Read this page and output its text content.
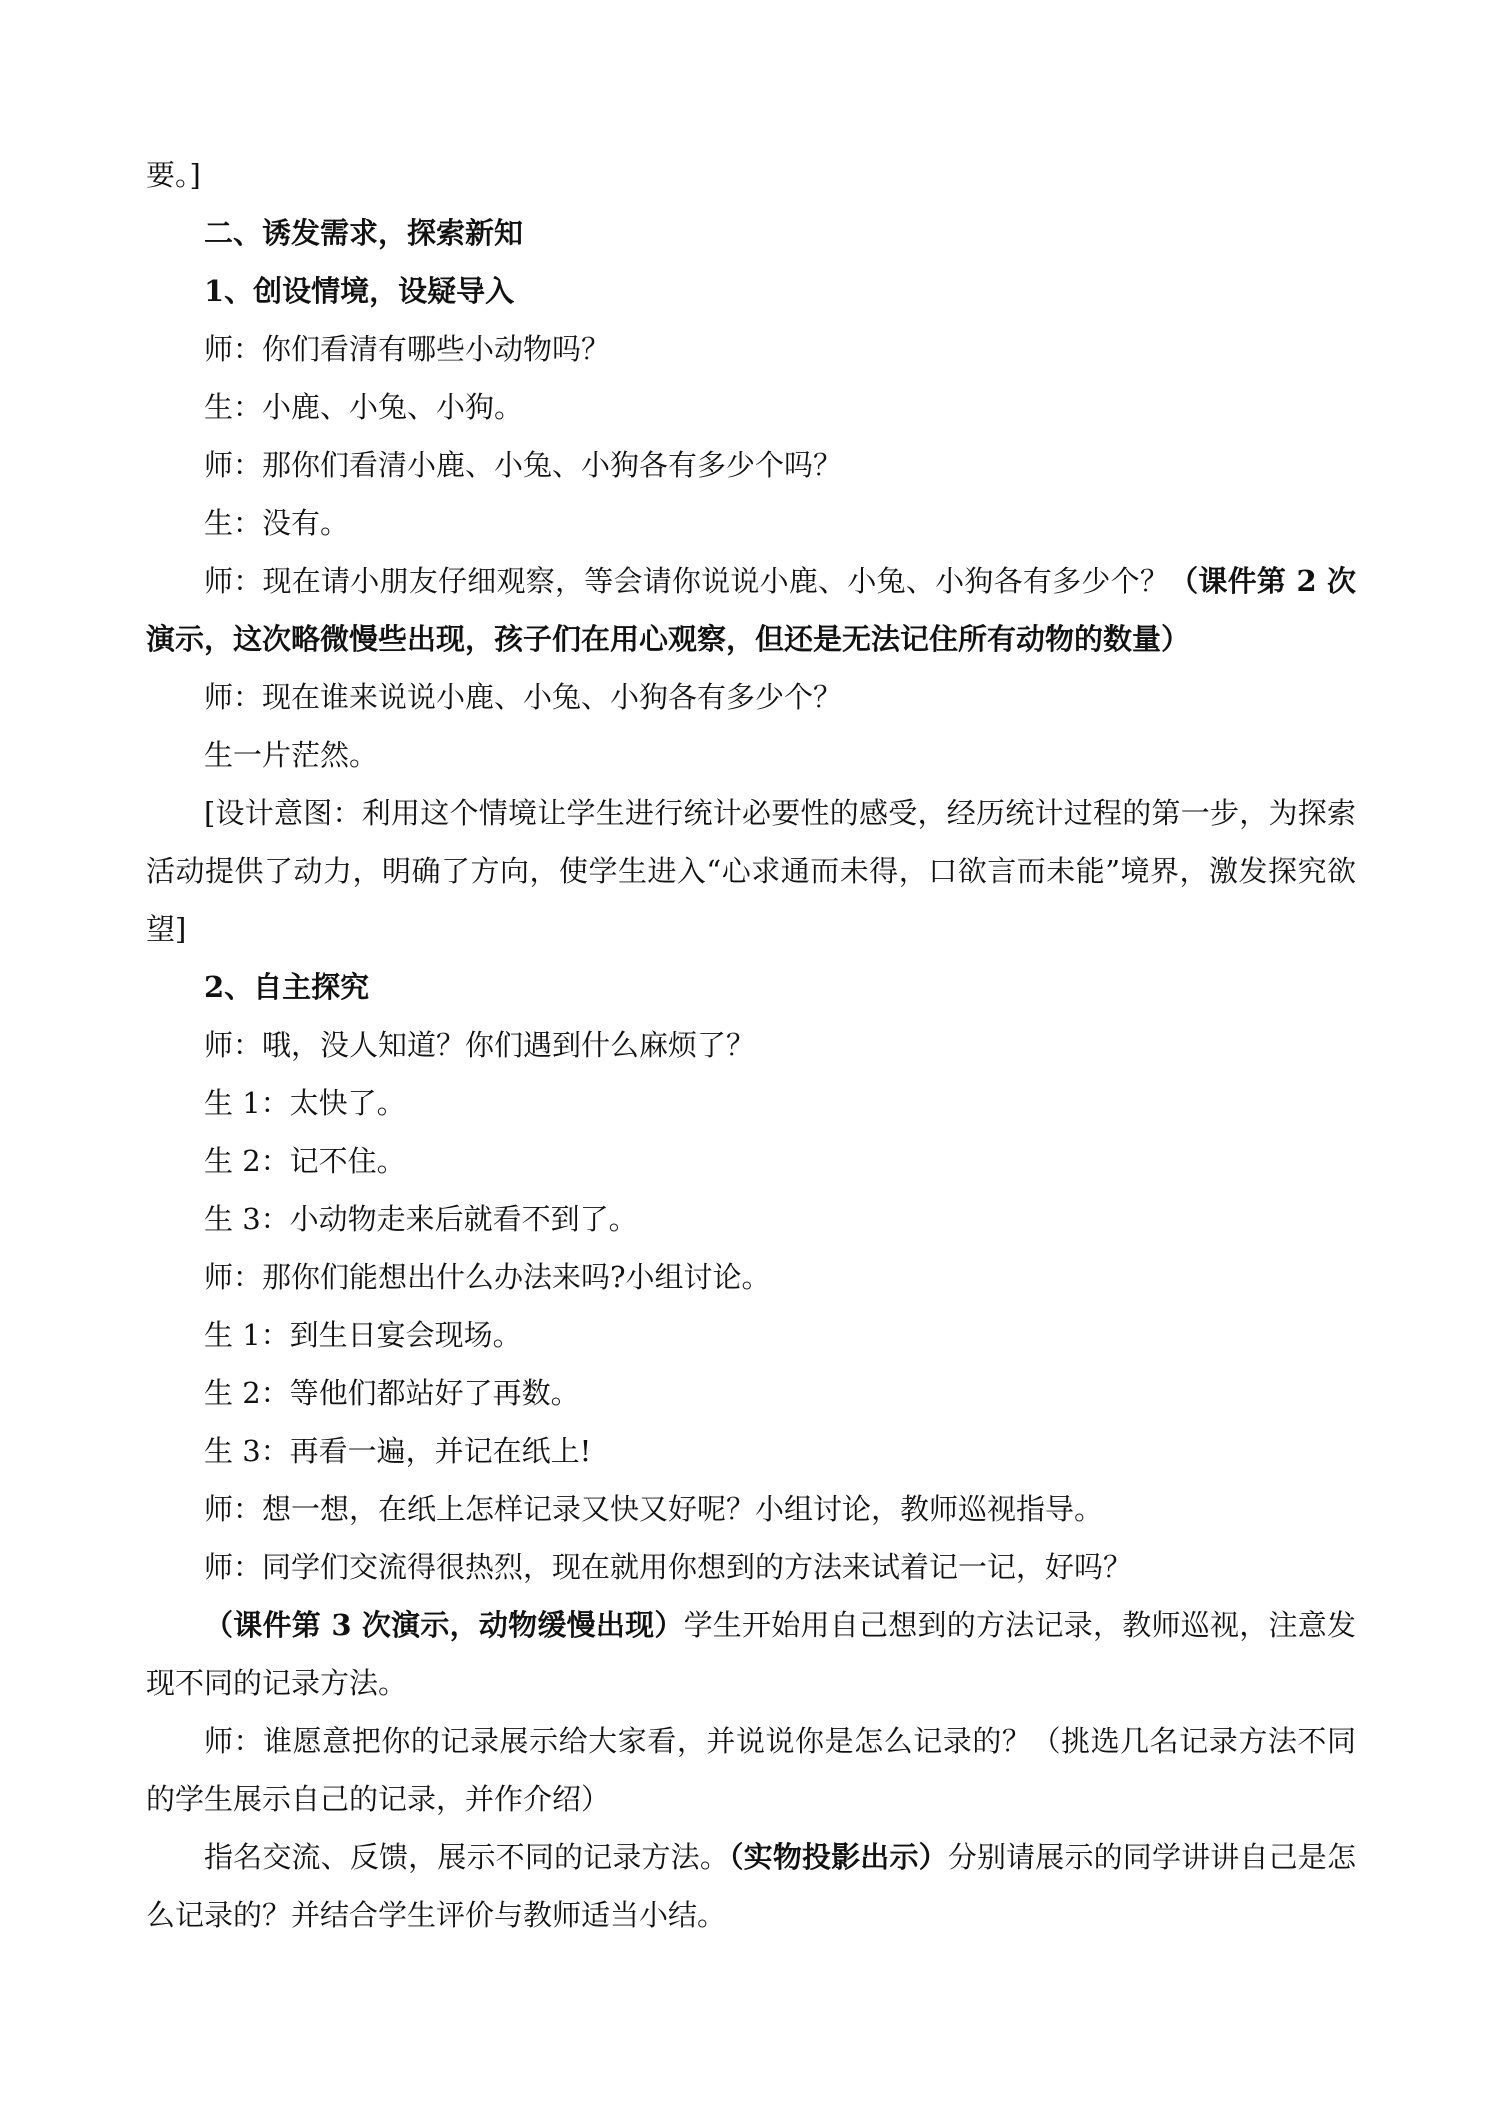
要。]
二、诱发需求，探索新知
1、创设情境，设疑导入
师：你们看清有哪些小动物吗？
生：小鹿、小兔、小狗。
师：那你们看清小鹿、小兔、小狗各有多少个吗？
生：没有。
师：现在请小朋友仔细观察，等会请你说说小鹿、小兔、小狗各有多少个？（课件第 2 次演示，这次略微慢些出现，孩子们在用心观察，但还是无法记住所有动物的数量）
师：现在谁来说说小鹿、小兔、小狗各有多少个？
生一片茫然。
[设计意图：利用这个情境让学生进行统计必要性的感受，经历统计过程的第一步，为探索活动提供了动力，明确了方向，使学生进入“心求通而未得，口欲言而未能”境界，激发探究欲望]
2、自主探究
师：哦，没人知道？你们遇到什么麻烦了？
生 1：太快了。
生 2：记不住。
生 3：小动物走来后就看不到了。
师：那你们能想出什么办法来吗?小组讨论。
生 1：到生日宴会现场。
生 2：等他们都站好了再数。
生 3：再看一遍，并记在纸上!
师：想一想，在纸上怎样记录又快又好呢？小组讨论，教师巡视指导。
师：同学们交流得很热烈，现在就用你想到的方法来试着记一记，好吗？
（课件第 3 次演示，动物缓慢出现）学生开始用自己想到的方法记录，教师巡视，注意发现不同的记录方法。
师：谁愿意把你的记录展示给大家看，并说说你是怎么记录的？（挑选几名记录方法不同的学生展示自己的记录，并作介绍）
指名交流、反馈，展示不同的记录方法。（实物投影出示）分别请展示的同学讲讲自己是怎么记录的？并结合学生评价与教师适当小结。
